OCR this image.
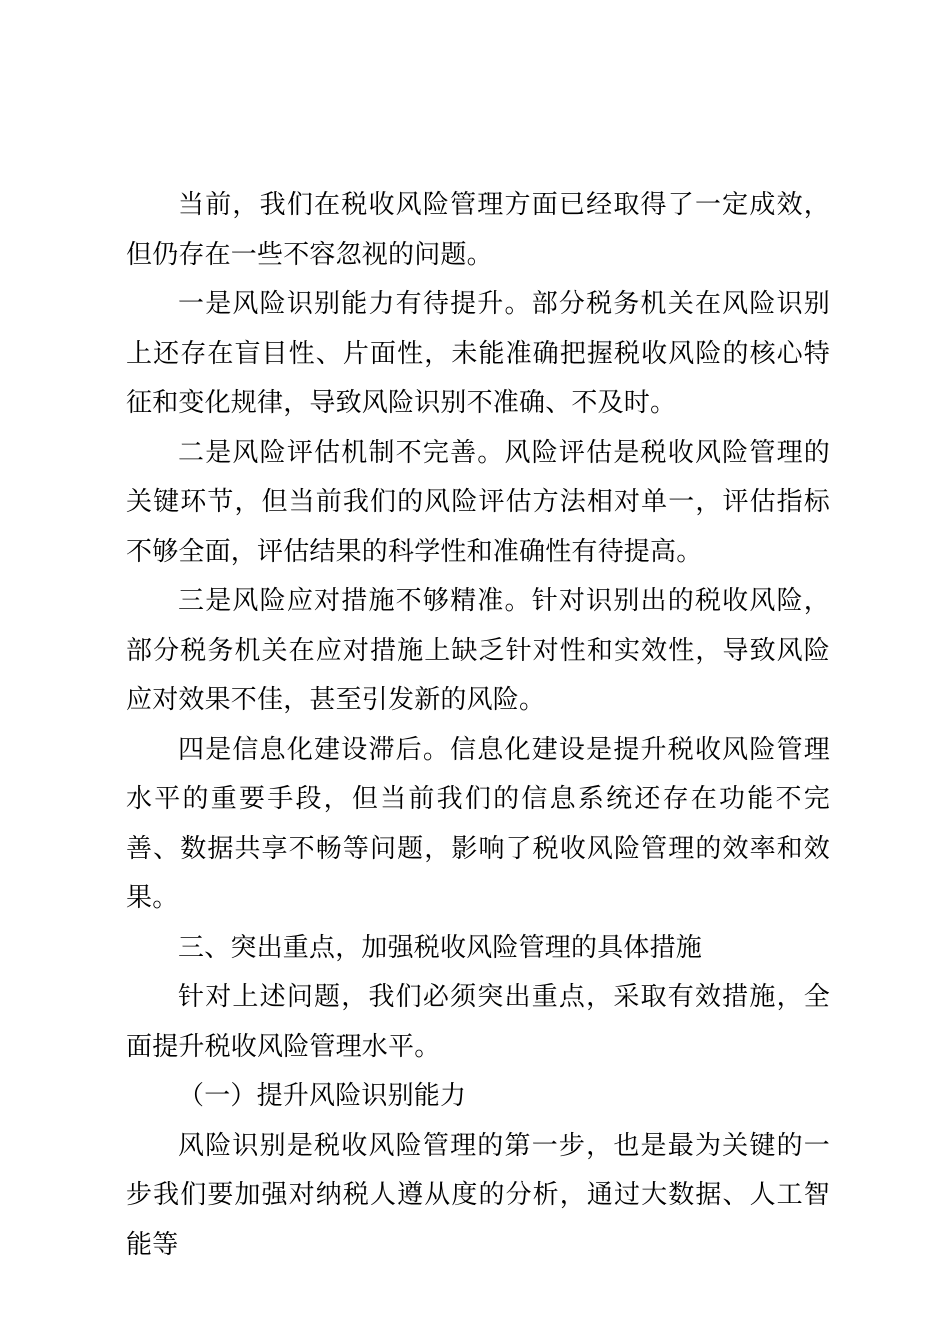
当前，我们在税收风险管理方面已经取得了一定成效，但仍存在一些不容忽视的问题。

一是风险识别能力有待提升。部分税务机关在风险识别上还存在盲目性、片面性，未能准确把握税收风险的核心特征和变化规律，导致风险识别不准确、不及时。

二是风险评估机制不完善。风险评估是税收风险管理的关键环节，但当前我们的风险评估方法相对单一，评估指标不够全面，评估结果的科学性和准确性有待提高。

三是风险应对措施不够精准。针对识别出的税收风险，部分税务机关在应对措施上缺乏针对性和实效性，导致风险应对效果不佳，甚至引发新的风险。

四是信息化建设滞后。信息化建设是提升税收风险管理水平的重要手段，但当前我们的信息系统还存在功能不完善、数据共享不畅等问题，影响了税收风险管理的效率和效果。

三、突出重点，加强税收风险管理的具体措施

针对上述问题，我们必须突出重点，采取有效措施，全面提升税收风险管理水平。

（一）提升风险识别能力

风险识别是税收风险管理的第一步，也是最为关键的一步我们要加强对纳税人遵从度的分析，通过大数据、人工智能等
